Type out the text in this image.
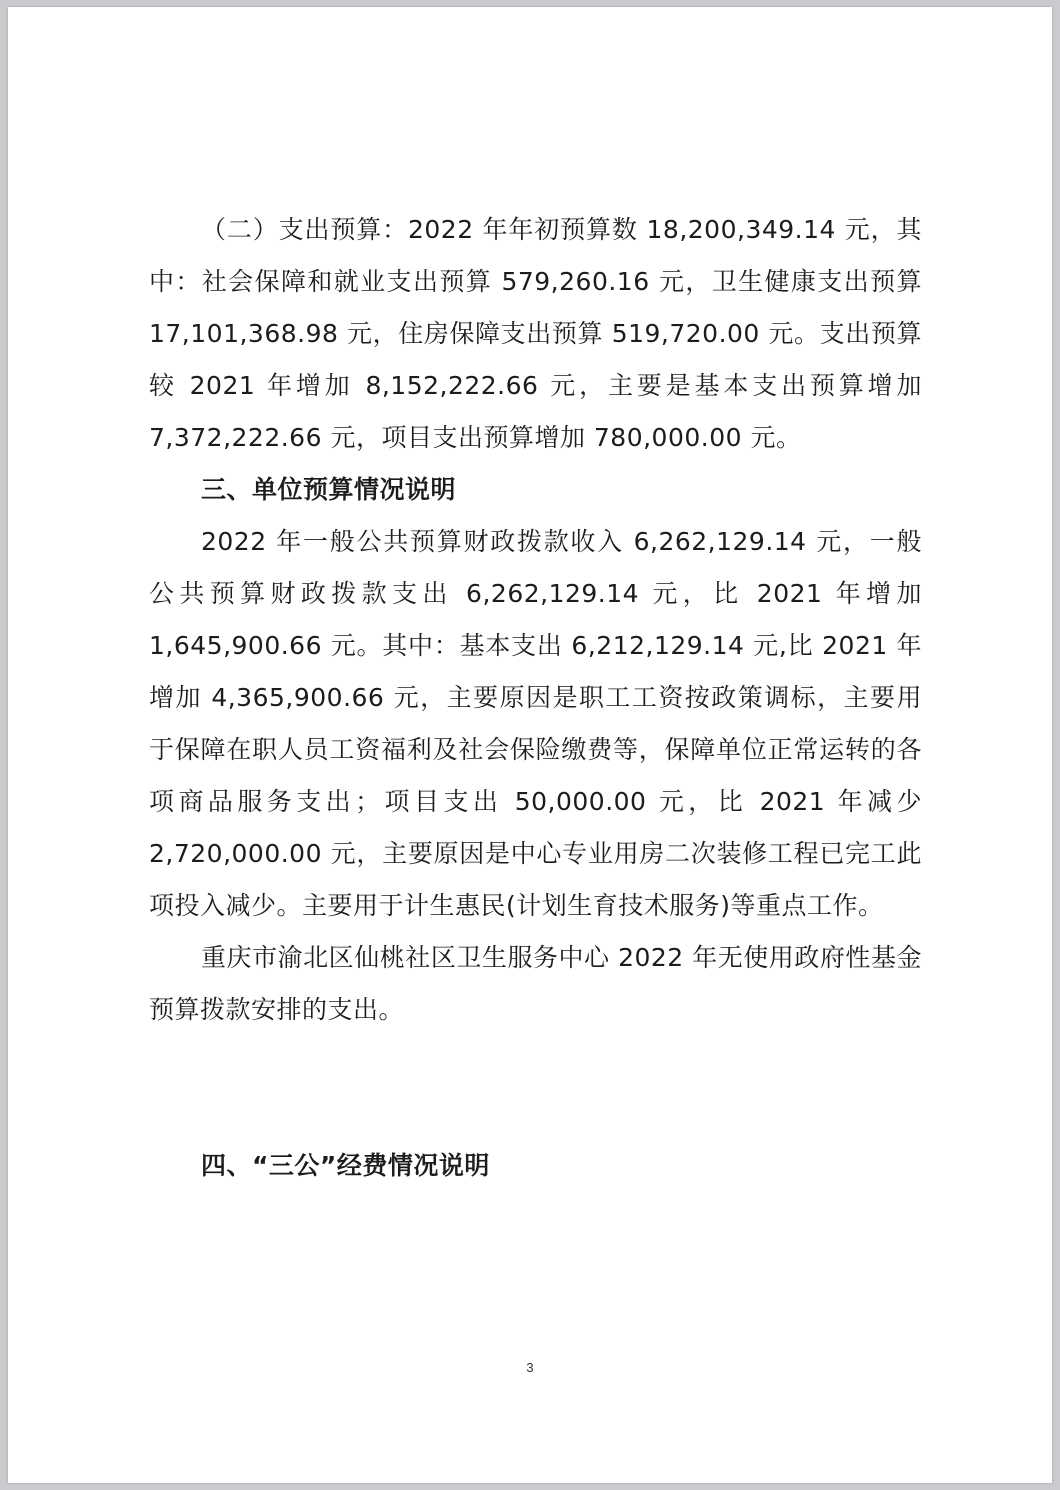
（二）支出预算：2022 年年初预算数 18,200,349.14 元，其中：社会保障和就业支出预算 579,260.16 元，卫生健康支出预算 17,101,368.98 元，住房保障支出预算 519,720.00 元。支出预算较 2021 年增加 8,152,222.66 元，主要是基本支出预算增加 7,372,222.66 元，项目支出预算增加 780,000.00 元。

三、单位预算情况说明

2022 年一般公共预算财政拨款收入 6,262,129.14 元，一般公共预算财政拨款支出 6,262,129.14 元，比 2021 年增加 1,645,900.66 元。其中：基本支出 6,212,129.14 元,比 2021 年增加 4,365,900.66 元，主要原因是职工工资按政策调标，主要用于保障在职人员工资福利及社会保险缴费等，保障单位正常运转的各项商品服务支出；项目支出 50,000.00 元，比 2021 年减少 2,720,000.00 元，主要原因是中心专业用房二次装修工程已完工此项投入减少。主要用于计生惠民(计划生育技术服务)等重点工作。

重庆市渝北区仙桃社区卫生服务中心 2022 年无使用政府性基金预算拨款安排的支出。

四、“三公”经费情况说明

3
